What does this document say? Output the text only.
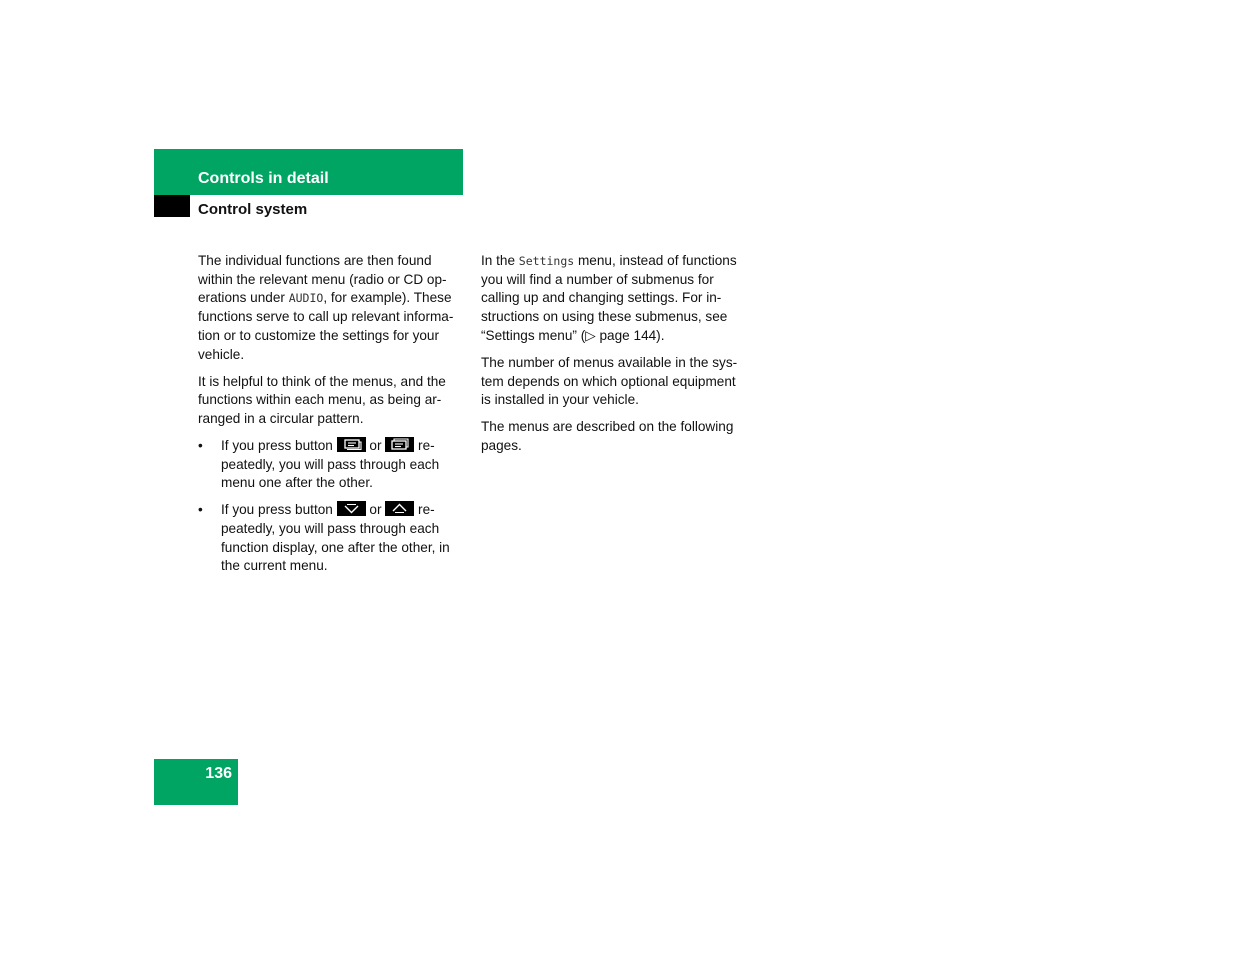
Controls in detail
Control system

The individual functions are then found within the relevant menu (radio or CD op-erations under AUDIO, for example). These functions serve to call up relevant informa-tion or to customize the settings for your vehicle.

It is helpful to think of the menus, and the functions within each menu, as being ar-ranged in a circular pattern.

• If you press button
or
re-peatedly, you will pass through each menu one after the other.
• If you press button
or
re-peatedly, you will pass through each function display, one after the other, in the current menu.

In the Settings menu, instead of functions you will find a number of submenus for calling up and changing settings. For in-structions on using these submenus, see “Settings menu” (▷ page 144).

The number of menus available in the sys-tem depends on which optional equipment is installed in your vehicle.

The menus are described on the following pages.

136
